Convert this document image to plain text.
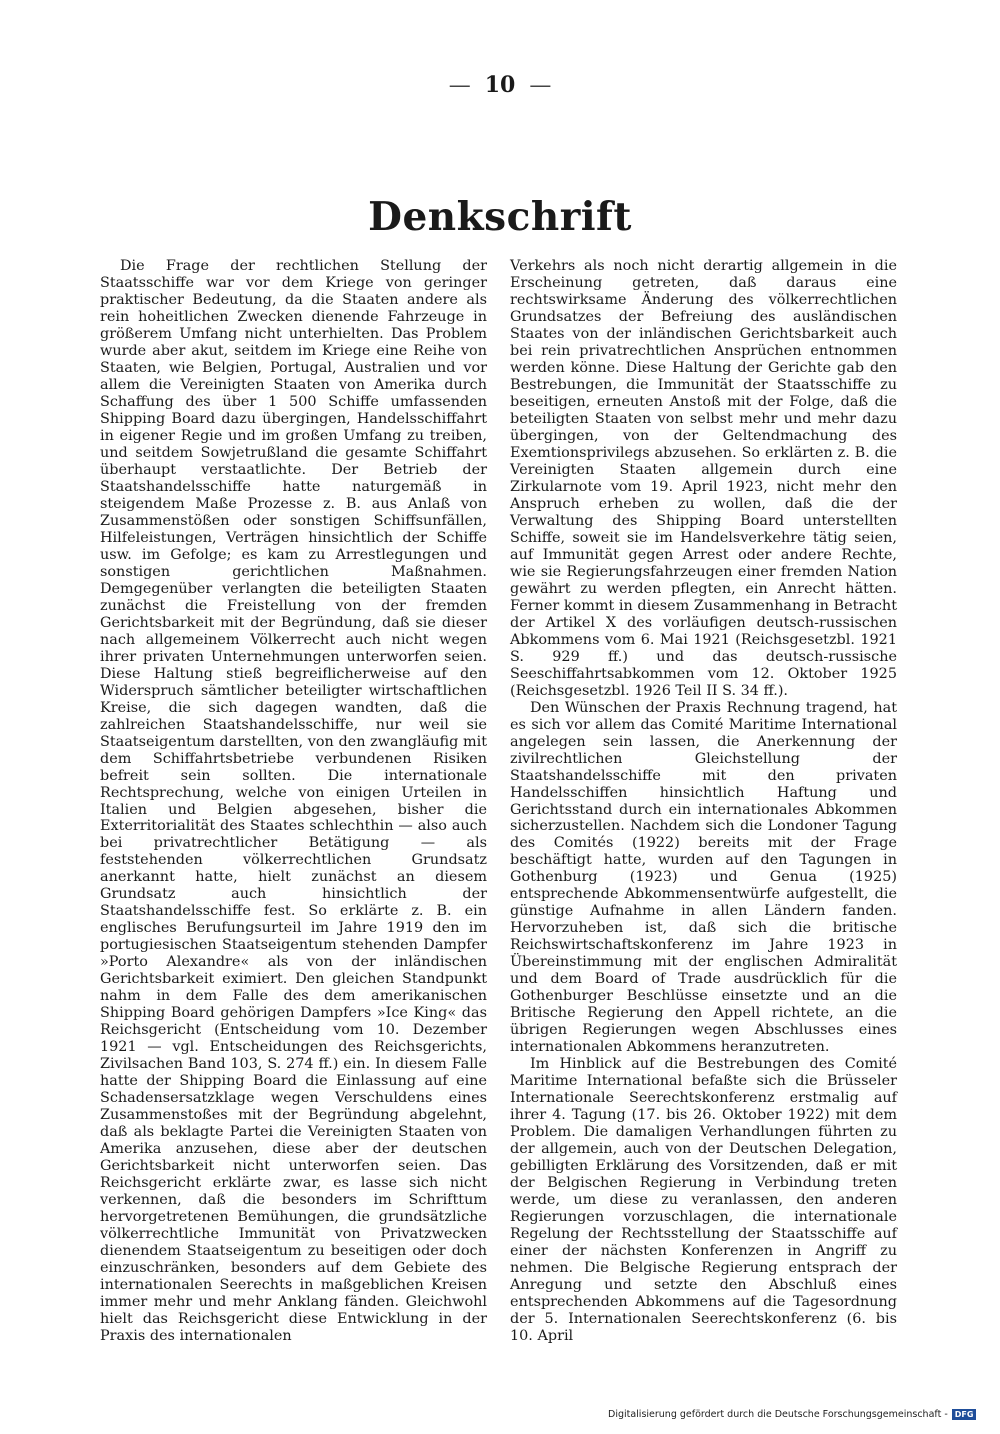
— 10 —
Denkschrift

Die Frage der rechtlichen Stellung der Staatsschiffe war vor dem Kriege von geringer praktischer Bedeutung, da die Staaten andere als rein hoheitlichen Zwecken dienende Fahrzeuge in größerem Umfang nicht unterhielten. Das Problem wurde aber akut, seitdem im Kriege eine Reihe von Staaten, wie Belgien, Portugal, Australien und vor allem die Vereinigten Staaten von Amerika durch Schaffung des über 1 500 Schiffe umfassenden Shipping Board dazu übergingen, Handelsschiffahrt in eigener Regie und im großen Umfang zu treiben, und seitdem Sowjetrußland die gesamte Schiffahrt überhaupt verstaatlichte. Der Betrieb der Staatshandelsschiffe hatte naturgemäß in steigendem Maße Prozesse z. B. aus Anlaß von Zusammenstößen oder sonstigen Schiffsunfällen, Hilfeleistungen, Verträgen hinsichtlich der Schiffe usw. im Gefolge; es kam zu Arrestlegungen und sonstigen gerichtlichen Maßnahmen. Demgegenüber verlangten die beteiligten Staaten zunächst die Freistellung von der fremden Gerichtsbarkeit mit der Begründung, daß sie dieser nach allgemeinem Völkerrecht auch nicht wegen ihrer privaten Unternehmungen unterworfen seien. Diese Haltung stieß begreiflicherweise auf den Widerspruch sämtlicher beteiligter wirtschaftlichen Kreise, die sich dagegen wandten, daß die zahlreichen Staatshandelsschiffe, nur weil sie Staatseigentum darstellten, von den zwangläufig mit dem Schiffahrtsbetriebe verbundenen Risiken befreit sein sollten. Die internationale Rechtsprechung, welche von einigen Urteilen in Italien und Belgien abgesehen, bisher die Exterritorialität des Staates schlechthin — also auch bei privatrechtlicher Betätigung — als feststehenden völkerrechtlichen Grundsatz anerkannt hatte, hielt zunächst an diesem Grundsatz auch hinsichtlich der Staatshandelsschiffe fest. So erklärte z. B. ein englisches Berufungsurteil im Jahre 1919 den im portugiesischen Staatseigentum stehenden Dampfer »Porto Alexandre« als von der inländischen Gerichtsbarkeit eximiert. Den gleichen Standpunkt nahm in dem Falle des dem amerikanischen Shipping Board gehörigen Dampfers »Ice King« das Reichsgericht (Entscheidung vom 10. Dezember 1921 — vgl. Entscheidungen des Reichsgerichts, Zivilsachen Band 103, S. 274 ff.) ein. In diesem Falle hatte der Shipping Board die Einlassung auf eine Schadensersatzklage wegen Verschuldens eines Zusammenstoßes mit der Begründung abgelehnt, daß als beklagte Partei die Vereinigten Staaten von Amerika anzusehen, diese aber der deutschen Gerichtsbarkeit nicht unterworfen seien. Das Reichsgericht erklärte zwar, es lasse sich nicht verkennen, daß die besonders im Schrifttum hervorgetretenen Bemühungen, die grundsätzliche völkerrechtliche Immunität von Privatzwecken dienendem Staatseigentum zu beseitigen oder doch einzuschränken, besonders auf dem Gebiete des internationalen Seerechts in maßgeblichen Kreisen immer mehr und mehr Anklang fänden. Gleichwohl hielt das Reichsgericht diese Entwicklung in der Praxis des internationalen

Verkehrs als noch nicht derartig allgemein in die Erscheinung getreten, daß daraus eine rechtswirksame Änderung des völkerrechtlichen Grundsatzes der Befreiung des ausländischen Staates von der inländischen Gerichtsbarkeit auch bei rein privatrechtlichen Ansprüchen entnommen werden könne. Diese Haltung der Gerichte gab den Bestrebungen, die Immunität der Staatsschiffe zu beseitigen, erneuten Anstoß mit der Folge, daß die beteiligten Staaten von selbst mehr und mehr dazu übergingen, von der Geltendmachung des Exemtionsprivilegs abzusehen. So erklärten z. B. die Vereinigten Staaten allgemein durch eine Zirkularnote vom 19. April 1923, nicht mehr den Anspruch erheben zu wollen, daß die der Verwaltung des Shipping Board unterstellten Schiffe, soweit sie im Handelsverkehre tätig seien, auf Immunität gegen Arrest oder andere Rechte, wie sie Regierungsfahrzeugen einer fremden Nation gewährt zu werden pflegten, ein Anrecht hätten. Ferner kommt in diesem Zusammenhang in Betracht der Artikel X des vorläufigen deutsch-russischen Abkommens vom 6. Mai 1921 (Reichsgesetzbl. 1921 S. 929 ff.) und das deutsch-russische Seeschiffahrtsabkommen vom 12. Oktober 1925 (Reichsgesetzbl. 1926 Teil II S. 34 ff.).

Den Wünschen der Praxis Rechnung tragend, hat es sich vor allem das Comité Maritime International angelegen sein lassen, die Anerkennung der zivilrechtlichen Gleichstellung der Staatshandelsschiffe mit den privaten Handelsschiffen hinsichtlich Haftung und Gerichtsstand durch ein internationales Abkommen sicherzustellen. Nachdem sich die Londoner Tagung des Comités (1922) bereits mit der Frage beschäftigt hatte, wurden auf den Tagungen in Gothenburg (1923) und Genua (1925) entsprechende Abkommensentwürfe aufgestellt, die günstige Aufnahme in allen Ländern fanden. Hervorzuheben ist, daß sich die britische Reichswirtschaftskonferenz im Jahre 1923 in Übereinstimmung mit der englischen Admiralität und dem Board of Trade ausdrücklich für die Gothenburger Beschlüsse einsetzte und an die Britische Regierung den Appell richtete, an die übrigen Regierungen wegen Abschlusses eines internationalen Abkommens heranzutreten.

Im Hinblick auf die Bestrebungen des Comité Maritime International befaßte sich die Brüsseler Internationale Seerechtskonferenz erstmalig auf ihrer 4. Tagung (17. bis 26. Oktober 1922) mit dem Problem. Die damaligen Verhandlungen führten zu der allgemein, auch von der Deutschen Delegation, gebilligten Erklärung des Vorsitzenden, daß er mit der Belgischen Regierung in Verbindung treten werde, um diese zu veranlassen, den anderen Regierungen vorzuschlagen, die internationale Regelung der Rechtsstellung der Staatsschiffe auf einer der nächsten Konferenzen in Angriff zu nehmen. Die Belgische Regierung entsprach der Anregung und setzte den Abschluß eines entsprechenden Abkommens auf die Tagesordnung der 5. Internationalen Seerechtskonferenz (6. bis 10. April

Digitalisierung gefördert durch die Deutsche Forschungsgemeinschaft - DFG
